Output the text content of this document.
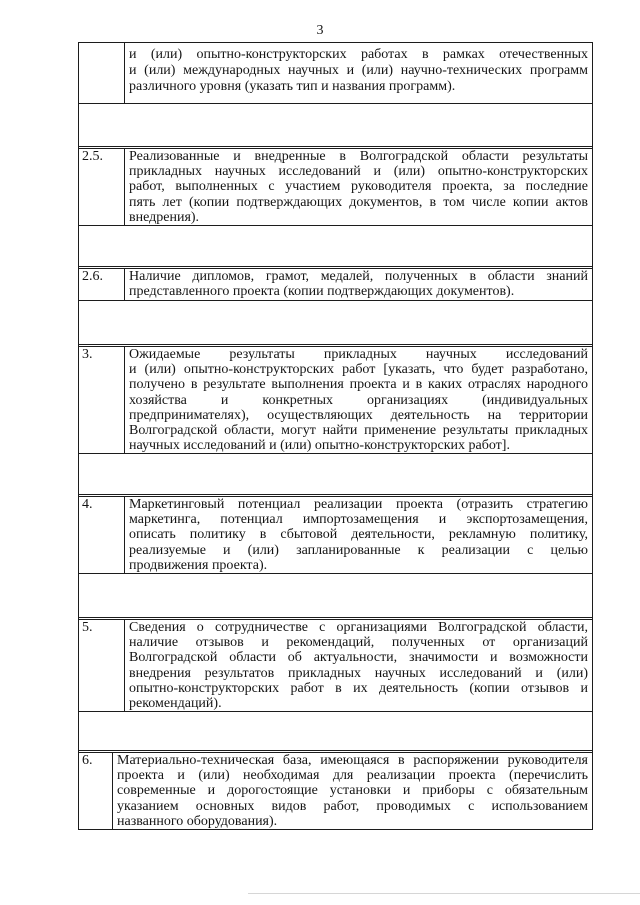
3
и (или) опытно-конструкторских работах в рамках отечественных
и (или) международных научных и (или) научно-технических программ
различного уровня (указать тип и названия программ).
2.5.	Реализованные и внедренные в Волгоградской области результаты
прикладных научных исследований и (или) опытно-конструкторских
работ, выполненных с участием руководителя проекта, за последние
пять лет (копии подтверждающих документов, в том числе копии актов
внедрения).
2.6.	Наличие дипломов, грамот, медалей, полученных в области знаний
представленного проекта (копии подтверждающих документов).
3.	Ожидаемые результаты прикладных научных исследований
и (или) опытно-конструкторских работ [указать, что будет разработано,
получено в результате выполнения проекта и в каких отраслях народного
хозяйства и конкретных организациях (индивидуальных
предпринимателях), осуществляющих деятельность на территории
Волгоградской области, могут найти применение результаты прикладных
научных исследований и (или) опытно-конструкторских работ].
4.	Маркетинговый потенциал реализации проекта (отразить стратегию
маркетинга, потенциал импортозамещения и экспортозамещения,
описать политику в сбытовой деятельности, рекламную политику,
реализуемые и (или) запланированные к реализации с целью
продвижения проекта).
5.	Сведения о сотрудничестве с организациями Волгоградской области,
наличие отзывов и рекомендаций, полученных от организаций
Волгоградской области об актуальности, значимости и возможности
внедрения результатов прикладных научных исследований и (или)
опытно-конструкторских работ в их деятельность (копии отзывов и
рекомендаций).
6.	Материально-техническая база, имеющаяся в распоряжении руководителя
проекта и (или) необходимая для реализации проекта (перечислить
современные и дорогостоящие установки и приборы с обязательным
указанием основных видов работ, проводимых с использованием
названного оборудования).
